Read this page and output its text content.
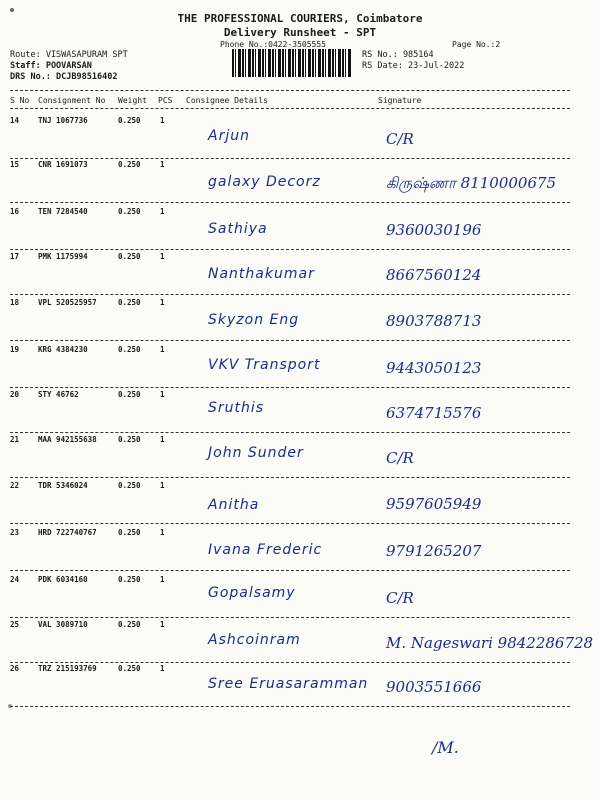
THE PROFESSIONAL COURIERS, Coimbatore
Delivery Runsheet - SPT
Phone No.:0422-3505555	Page No.:2
Route: VISWASAPURAM SPT
Staff: POOVARSAN
DRS No.: DCJB98516402
RS No.: 985164
RS Date: 23-Jul-2022
S No Consignment No Weight PCS Consignee Details	Signature
14	TNJ 1067736	0.250	1
Arjun	C/R
15	CNR 1691073	0.250	1
galaxy Decorz	கிருஷ்ணா 8110000675
16	TEN 7284540	0.250	1
Sathiya	9360030196
17	PMK 1175994	0.250	1
Nanthakumar	8667560124
18	VPL 520525957	0.250	1
Skyzon Eng	8903788713
19	KRG 4384230	0.250	1
VKV Transport	9443050123
20	STY 46762	0.250	1
Sruthis	6374715576
21	MAA 942155638	0.250	1
John Sunder	C/R
22	TDR 5346024	0.250	1
Anitha	9597605949
23	HRD 722740767	0.250	1
Ivana Frederic	9791265207
24	PDK 6034160	0.250	1
Gopalsamy	C/R
25	VAL 3089710	0.250	1
Ashcoinram	M. Nageswari 9842286728
26	TRZ 215193769	0.250	1
Sree Eruasaramman 9003551666
/M.
